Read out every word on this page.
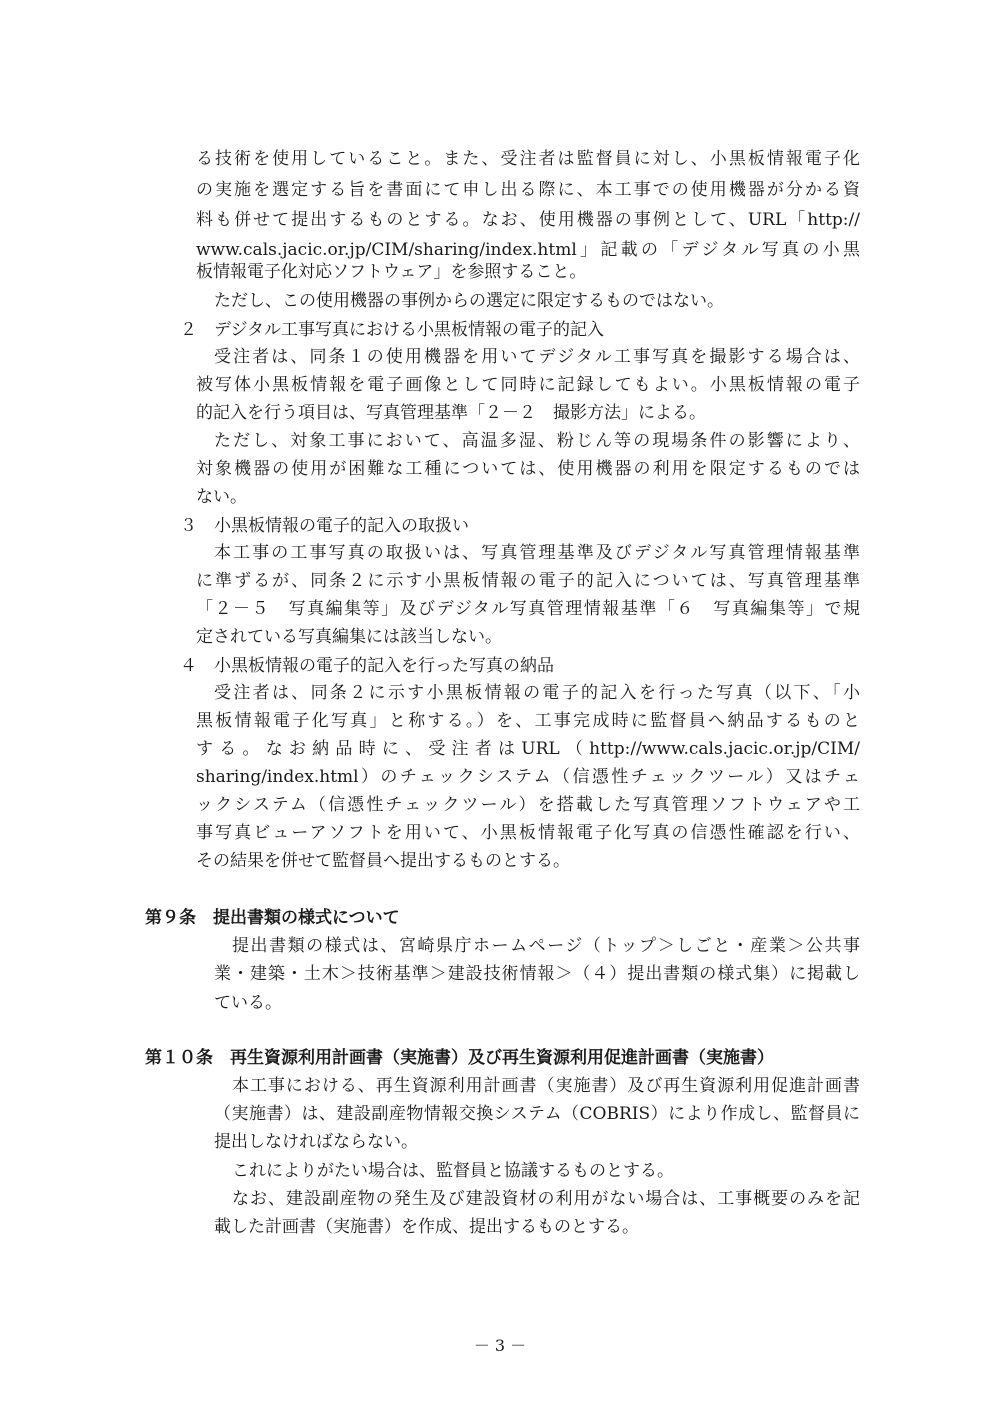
る技術を使用していること。また、受注者は監督員に対し、小黒板情報電子化
の実施を選定する旨を書面にて申し出る際に、本工事での使用機器が分かる資
料も併せて提出するものとする。なお、使用機器の事例として、URL「http://
www.cals.jacic.or.jp/CIM/sharing/index.html」記載の「デジタル写真の小黒
板情報電子化対応ソフトウェア」を参照すること。
ただし、この使用機器の事例からの選定に限定するものではない。
２　デジタル工事写真における小黒板情報の電子的記入
受注者は、同条１の使用機器を用いてデジタル工事写真を撮影する場合は、
被写体小黒板情報を電子画像として同時に記録してもよい。小黒板情報の電子
的記入を行う項目は、写真管理基準「２－２　撮影方法」による。
ただし、対象工事において、高温多湿、粉じん等の現場条件の影響により、
対象機器の使用が困難な工種については、使用機器の利用を限定するものでは
ない。
３　小黒板情報の電子的記入の取扱い
本工事の工事写真の取扱いは、写真管理基準及びデジタル写真管理情報基準
に準ずるが、同条２に示す小黒板情報の電子的記入については、写真管理基準
「２－５　写真編集等」及びデジタル写真管理情報基準「６　写真編集等」で規
定されている写真編集には該当しない。
４　小黒板情報の電子的記入を行った写真の納品
受注者は、同条２に示す小黒板情報の電子的記入を行った写真（以下、「小
黒板情報電子化写真」と称する。）を、工事完成時に監督員へ納品するものと
する。なお納品時に、受注者はURL（http://www.cals.jacic.or.jp/CIM/
sharing/index.html）のチェックシステム（信憑性チェックツール）又はチェ
ックシステム（信憑性チェックツール）を搭載した写真管理ソフトウェアや工
事写真ビューアソフトを用いて、小黒板情報電子化写真の信憑性確認を行い、
その結果を併せて監督員へ提出するものとする。
第９条　提出書類の様式について
提出書類の様式は、宮崎県庁ホームページ（トップ＞しごと・産業＞公共事
業・建築・土木＞技術基準＞建設技術情報＞（４）提出書類の様式集）に掲載し
ている。
第１０条　再生資源利用計画書（実施書）及び再生資源利用促進計画書（実施書）
本工事における、再生資源利用計画書（実施書）及び再生資源利用促進計画書
（実施書）は、建設副産物情報交換システム（COBRIS）により作成し、監督員に
提出しなければならない。
これによりがたい場合は、監督員と協議するものとする。
なお、建設副産物の発生及び建設資材の利用がない場合は、工事概要のみを記
載した計画書（実施書）を作成、提出するものとする。
－ 3 －
